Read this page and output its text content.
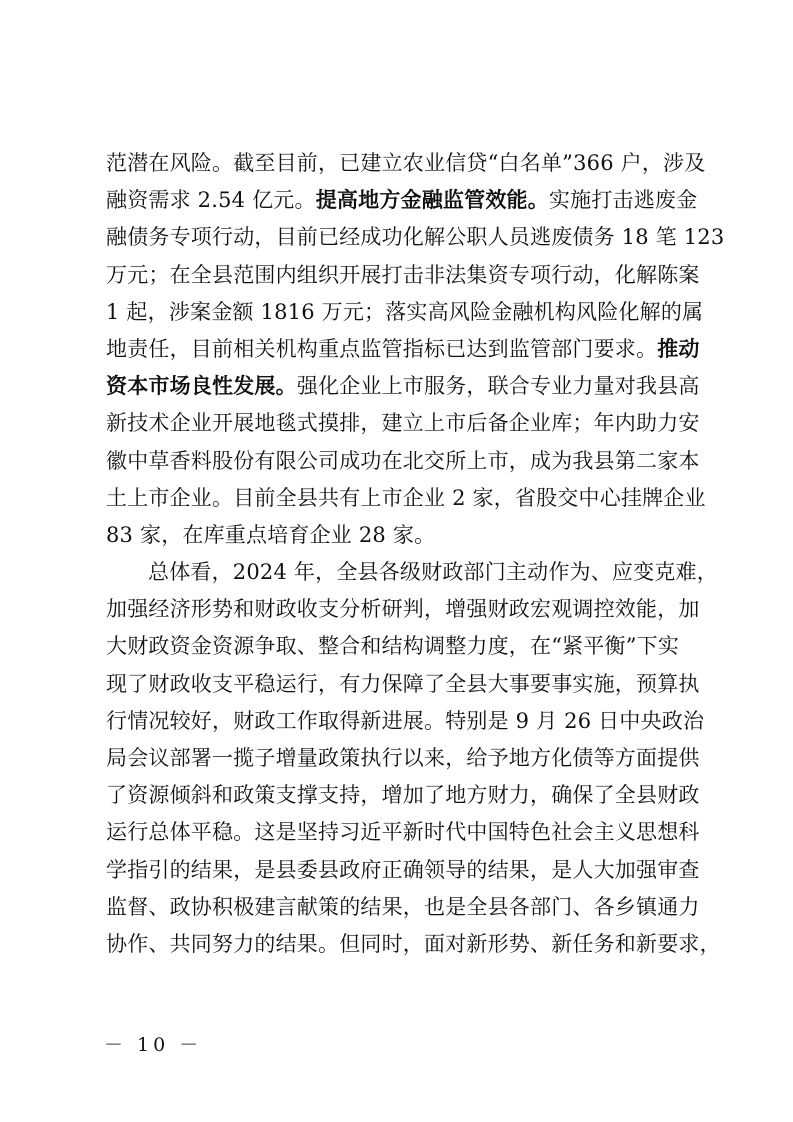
范潜在风险。截至目前，已建立农业信贷“白名单”366 户，涉及
融资需求 2.54 亿元。提高地方金融监管效能。实施打击逃废金
融债务专项行动，目前已经成功化解公职人员逃废债务 18 笔 123
万元；在全县范围内组织开展打击非法集资专项行动，化解陈案
1 起，涉案金额 1816 万元；落实高风险金融机构风险化解的属
地责任，目前相关机构重点监管指标已达到监管部门要求。推动
资本市场良性发展。强化企业上市服务，联合专业力量对我县高
新技术企业开展地毯式摸排，建立上市后备企业库；年内助力安
徽中草香料股份有限公司成功在北交所上市，成为我县第二家本
土上市企业。目前全县共有上市企业 2 家，省股交中心挂牌企业
83 家，在库重点培育企业 28 家。
总体看，2024 年，全县各级财政部门主动作为、应变克难，
加强经济形势和财政收支分析研判，增强财政宏观调控效能，加
大财政资金资源争取、整合和结构调整力度，在“紧平衡”下实
现了财政收支平稳运行，有力保障了全县大事要事实施，预算执
行情况较好，财政工作取得新进展。特别是 9 月 26 日中央政治
局会议部署一揽子增量政策执行以来，给予地方化债等方面提供
了资源倾斜和政策支撑支持，增加了地方财力，确保了全县财政
运行总体平稳。这是坚持习近平新时代中国特色社会主义思想科
学指引的结果，是县委县政府正确领导的结果，是人大加强审查
监督、政协积极建言献策的结果，也是全县各部门、各乡镇通力
协作、共同努力的结果。但同时，面对新形势、新任务和新要求，
－ 10 －
